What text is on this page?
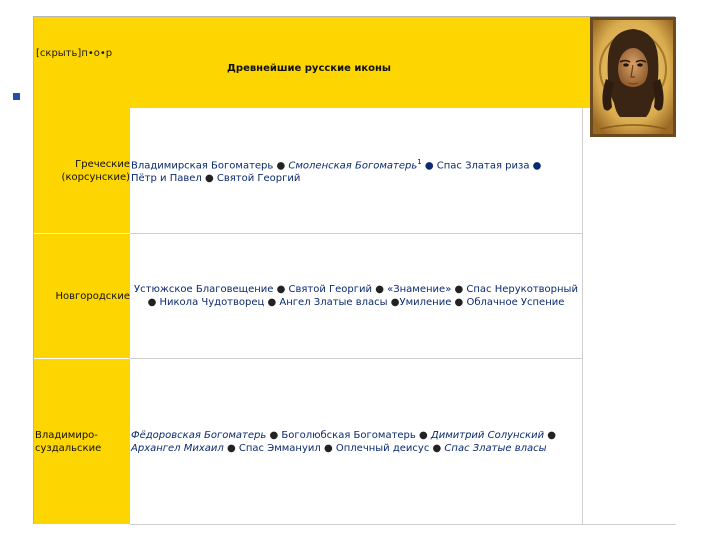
[скрыть]п•о•р
Древнейшие русские иконы
Греческие (корсунские)
Владимирская Богоматерь ● Смоленская Богоматерь$^1$ ● Спас Златая риза ●
Пётр и Павел ● Святой Георгий
Новгородские
Устюжское Благовещение ● Святой Георгий ● «Знамение» ● Спас Нерукотворный
● Никола Чудотворец ● Ангел Златые власы ●Умиление ● Облачное Успение
Владимиро-суздальские
Фёдоровская Богоматерь ● Боголюбская Богоматерь ● Димитрий Солунский ●
Архангел Михаил ● Спас Эммануил ● Оплечный деисус ● Спас Златые власы
